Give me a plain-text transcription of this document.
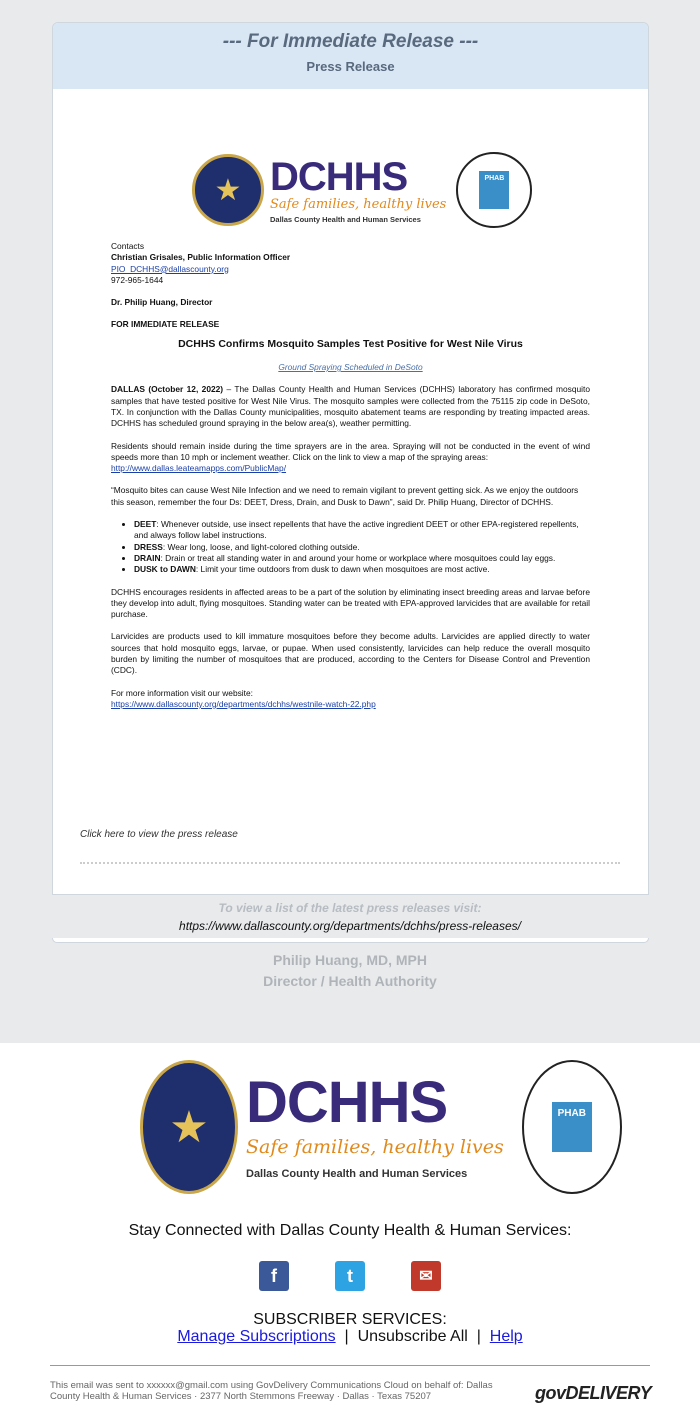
--- For Immediate Release ---
Press Release
★ DCHHS
Safe families, healthy lives
Dallas County Health and Human Services
PHAB
Contacts
Christian Grisales, Public Information Officer
PIO_DCHHS@dallascounty.org

972-965-1644

Dr. Philip Huang, Director

FOR IMMEDIATE RELEASE
DCHHS Confirms Mosquito Samples Test Positive for West Nile Virus
Ground Spraying Scheduled in DeSoto

DALLAS (October 12, 2022) – The Dallas County Health and Human Services (DCHHS) laboratory has confirmed mosquito samples that have tested positive for West Nile Virus. The mosquito samples were collected from the 75115 zip code in DeSoto, TX. In conjunction with the Dallas County municipalities, mosquito abatement teams are responding by treating impacted areas. DCHHS has scheduled ground spraying in the below area(s), weather permitting.

Residents should remain inside during the time sprayers are in the area. Spraying will not be conducted in the event of wind speeds more than 10 mph or inclement weather. Click on the link to view a map of the spraying areas:
http://www.dallas.leateamapps.com/PublicMap/

“Mosquito bites can cause West Nile Infection and we need to remain vigilant to prevent getting sick. As we enjoy the outdoors this season, remember the four Ds: DEET, Dress, Drain, and Dusk to Dawn”, said Dr. Philip Huang, Director of DCHHS.

• DEET: Whenever outside, use insect repellents that have the active ingredient DEET or other EPA-registered repellents, and always follow label instructions.
• DRESS: Wear long, loose, and light-colored clothing outside.
• DRAIN: Drain or treat all standing water in and around your home or workplace where mosquitoes could lay eggs.
• DUSK to DAWN: Limit your time outdoors from dusk to dawn when mosquitoes are most active.

DCHHS encourages residents in affected areas to be a part of the solution by eliminating insect breeding areas and larvae before they develop into adult, flying mosquitoes. Standing water can be treated with EPA-approved larvicides that are available for retail purchase.

Larvicides are products used to kill immature mosquitoes before they become adults. Larvicides are applied directly to water sources that hold mosquito eggs, larvae, or pupae. When used consistently, larvicides can help reduce the overall mosquito burden by limiting the number of mosquitoes that are produced, according to the Centers for Disease Control and Prevention (CDC).

For more information visit our website:
https://www.dallascounty.org/departments/dchhs/westnile-watch-22.php
Click here to view the press release
To view a list of the latest press releases visit:
https://www.dallascounty.org/departments/dchhs/press-releases/
Philip Huang, MD, MPH
Director / Health Authority
★ DCHHS
Safe families, healthy lives
Dallas County Health and Human Services
PHAB
Stay Connected with Dallas County Health & Human Services:
f	t	✉
SUBSCRIBER SERVICES:
Manage Subscriptions | Unsubscribe All | Help
This email was sent to xxxxxx@gmail.com using GovDelivery Communications Cloud on behalf of: Dallas County Health & Human Services · 2377 North Stemmons Freeway · Dallas · Texas 75207	govDELIVERY
